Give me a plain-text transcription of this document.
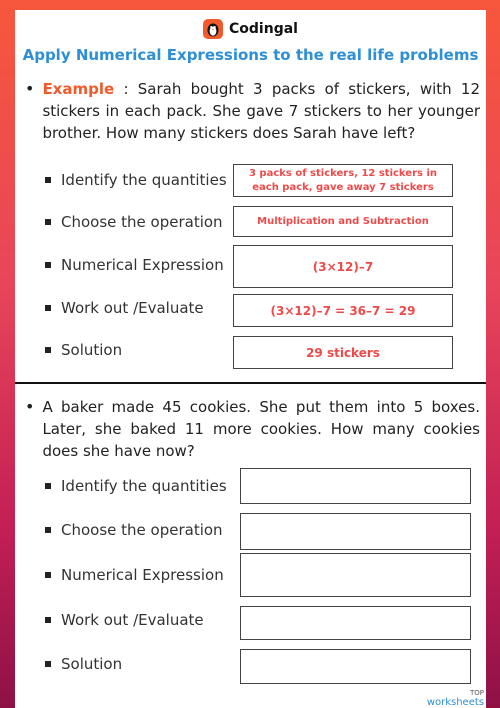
Codingal
Apply Numerical Expressions to the real life problems
• Example : Sarah bought 3 packs of stickers, with 12 stickers in each pack. She gave 7 stickers to her younger brother. How many stickers does Sarah have left?
Identify the quantities	3 packs of stickers, 12 stickers in each pack, gave away 7 stickers
Choose the operation	Multiplication and Subtraction
Numerical Expression	(3×12)–7
Work out /Evaluate	(3×12)–7 = 36–7 = 29
Solution	29 stickers
• A baker made 45 cookies. She put them into 5 boxes. Later, she baked 11 more cookies. How many cookies does she have now?
Identify the quantities
Choose the operation
Numerical Expression
Work out /Evaluate
Solution
TOP
worksheets
